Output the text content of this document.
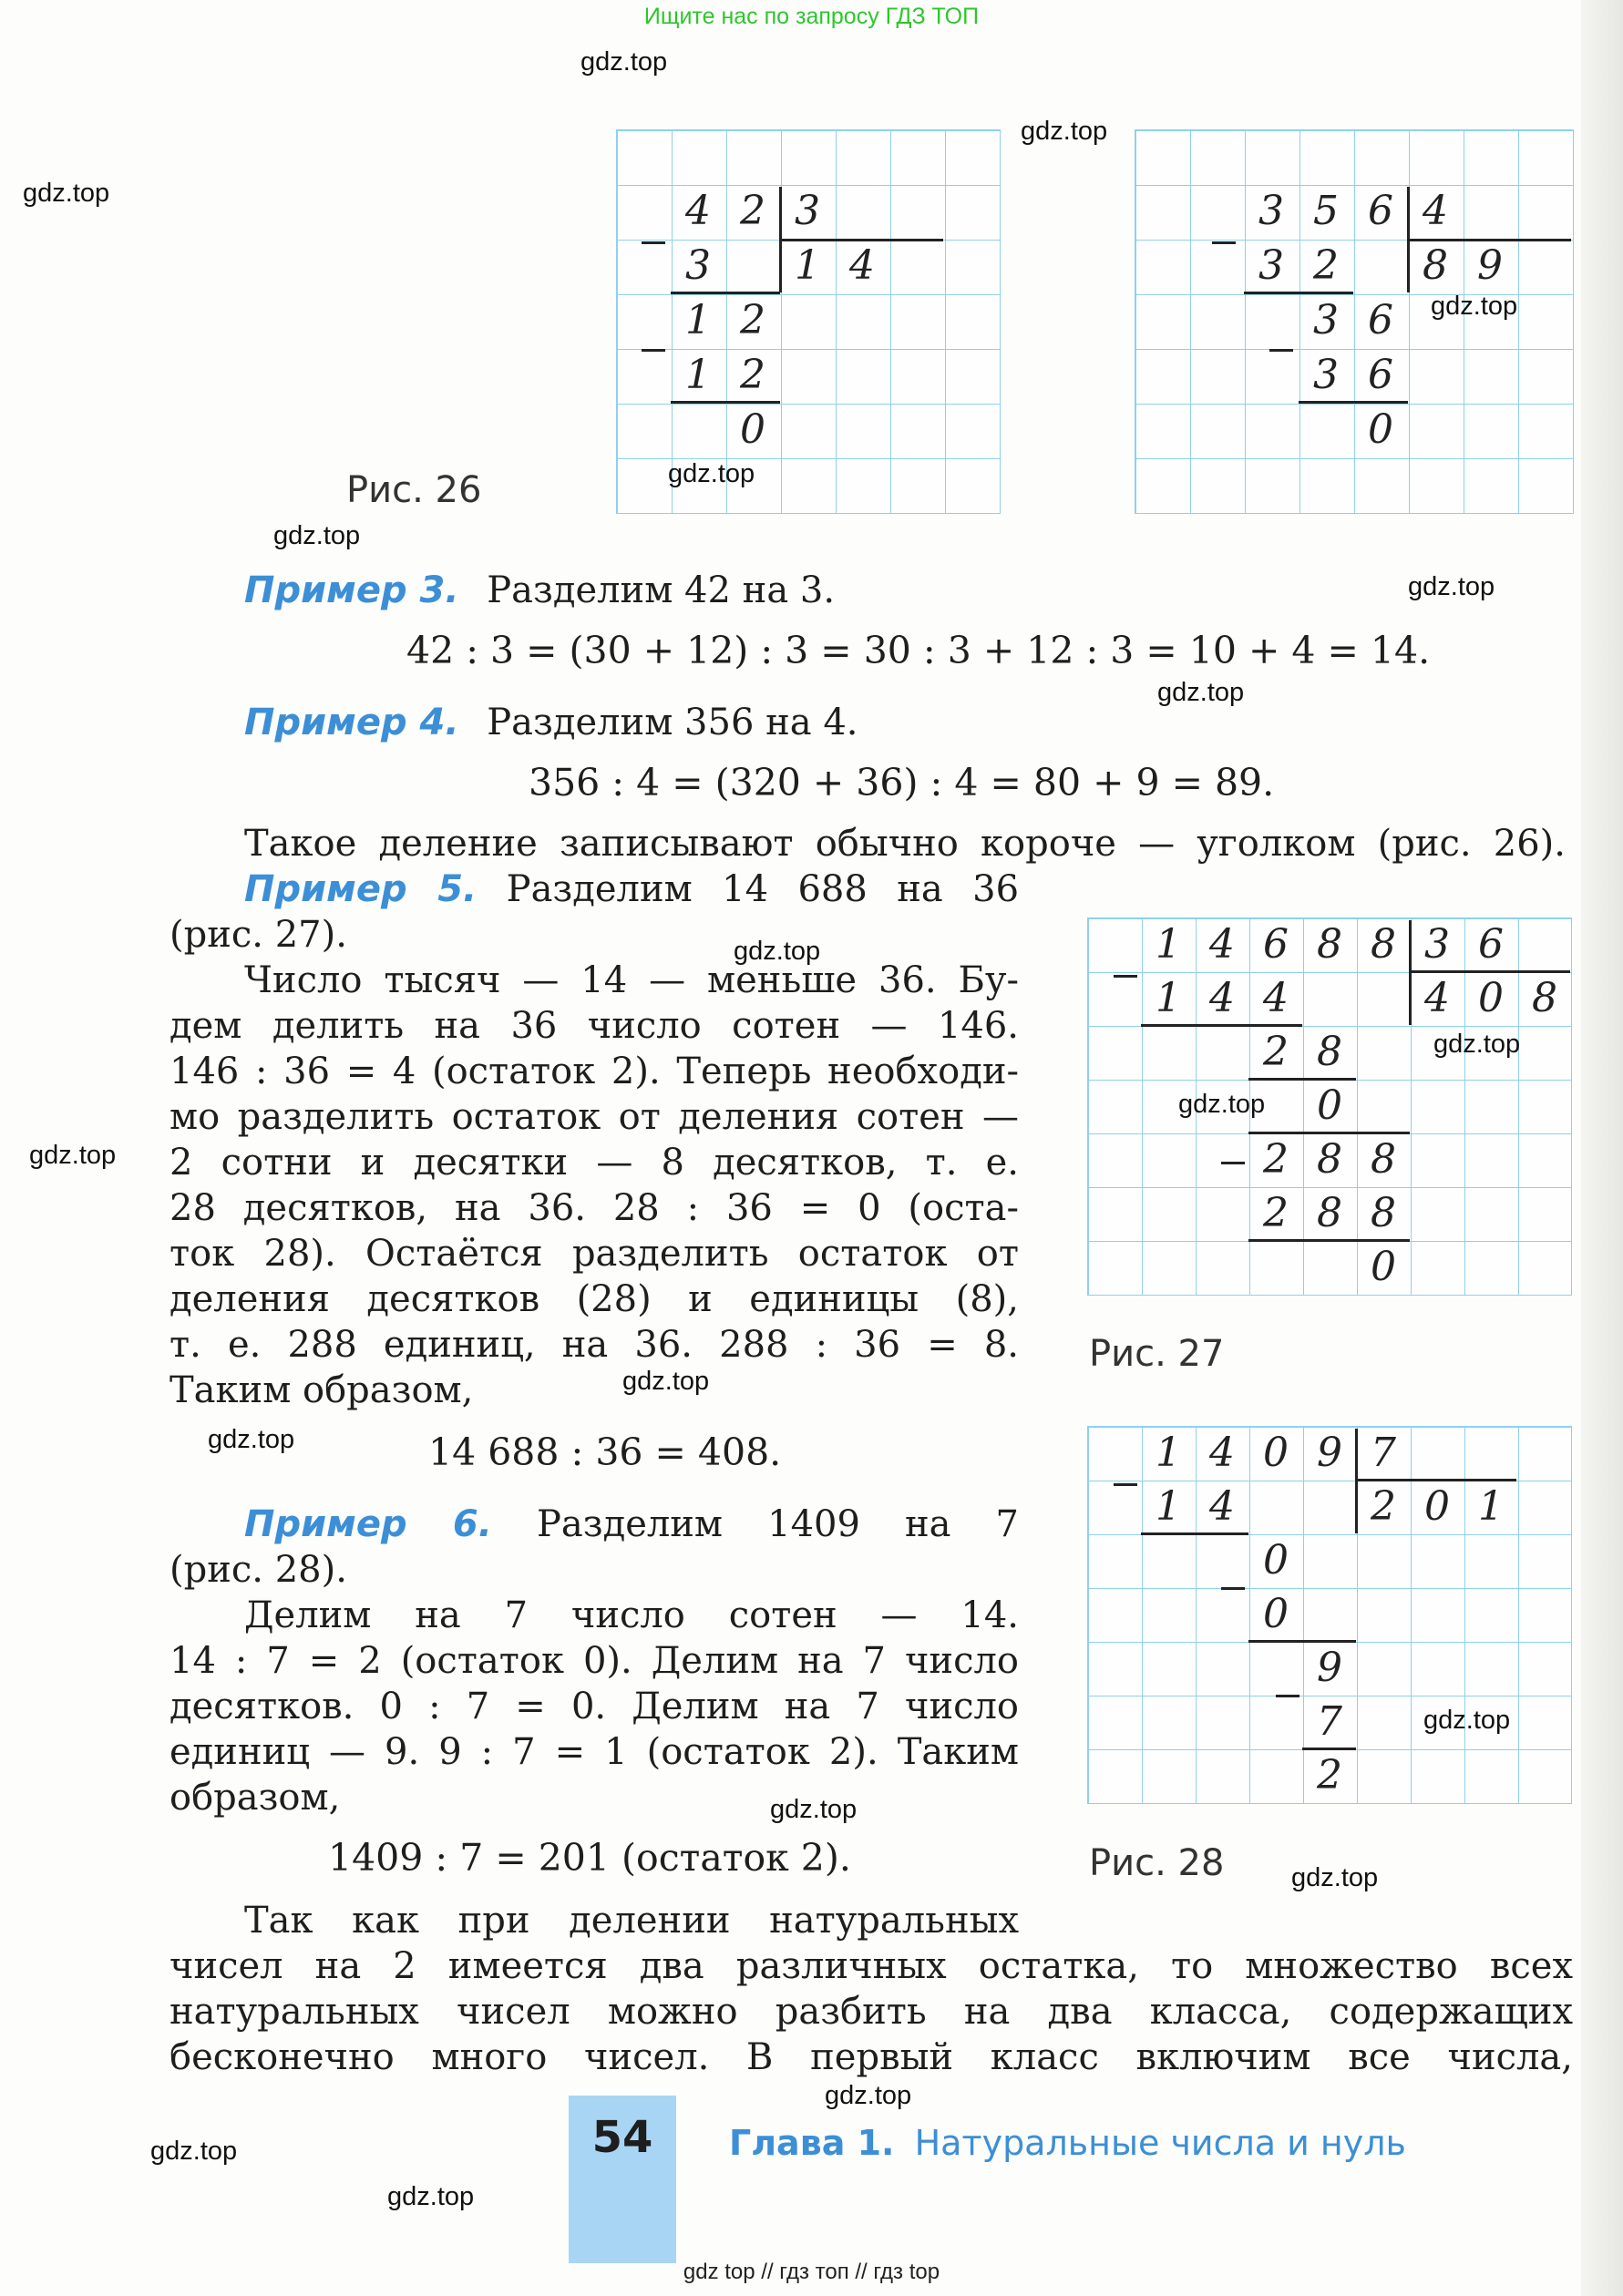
Ищите нас по запросу ГДЗ ТОП
4 2 3
3	1 4
1 2
1 2
0
3 5 6 4
3 2	8 9
3 6
3 6
0
Рис. 26
Пример 3. Разделим 42 на 3.
42 : 3 = (30 + 12) : 3 = 30 : 3 + 12 : 3 = 10 + 4 = 14.
Пример 4. Разделим 356 на 4.
356 : 4 = (320 + 36) : 4 = 80 + 9 = 89.
Такое деление записывают обычно короче — уголком (рис. 26).
Пример 5. Разделим 14 688 на 36
(рис. 27).
Число тысяч — 14 — меньше 36. Бу-
дем делить на 36 число сотен — 146.
146 : 36 = 4 (остаток 2). Теперь необходи-
мо разделить остаток от деления сотен —
2 сотни и десятки — 8 десятков, т. е.
28 десятков, на 36. 28 : 36 = 0 (оста-
ток 28). Остаётся разделить остаток от
деления десятков (28) и единицы (8),
т. е. 288 единиц, на 36. 288 : 36 = 8.
Таким образом,
14 688 : 36 = 408.
1 4 6 8 8 3 6
1 4 4	4 0 8
2 8
0
2 8 8
2 8 8
0
Рис. 27
Пример 6. Разделим 1409 на 7
(рис. 28).
Делим на 7 число сотен — 14.
14 : 7 = 2 (остаток 0). Делим на 7 число
десятков. 0 : 7 = 0. Делим на 7 число
единиц — 9. 9 : 7 = 1 (остаток 2). Таким
образом,
1409 : 7 = 201 (остаток 2).
1 4 0 9 7
1 4	2 0 1
0
0
9
7
2
Рис. 28
Так как при делении натуральных
чисел на 2 имеется два различных остатка, то множество всех
натуральных чисел можно разбить на два класса, содержащих
бесконечно много чисел. В первый класс включим все числа,
54	Глава 1. Натуральные числа и нуль
gdz top // гдз топ // гдз top
gdz.top
gdz.top
gdz.top
gdz.top
gdz.top
gdz.top
gdz.top
gdz.top
gdz.top
gdz.top
gdz.top
gdz.top
gdz.top
gdz.top
gdz.top
gdz.top
gdz.top
gdz.top
gdz.top
gdz.top
